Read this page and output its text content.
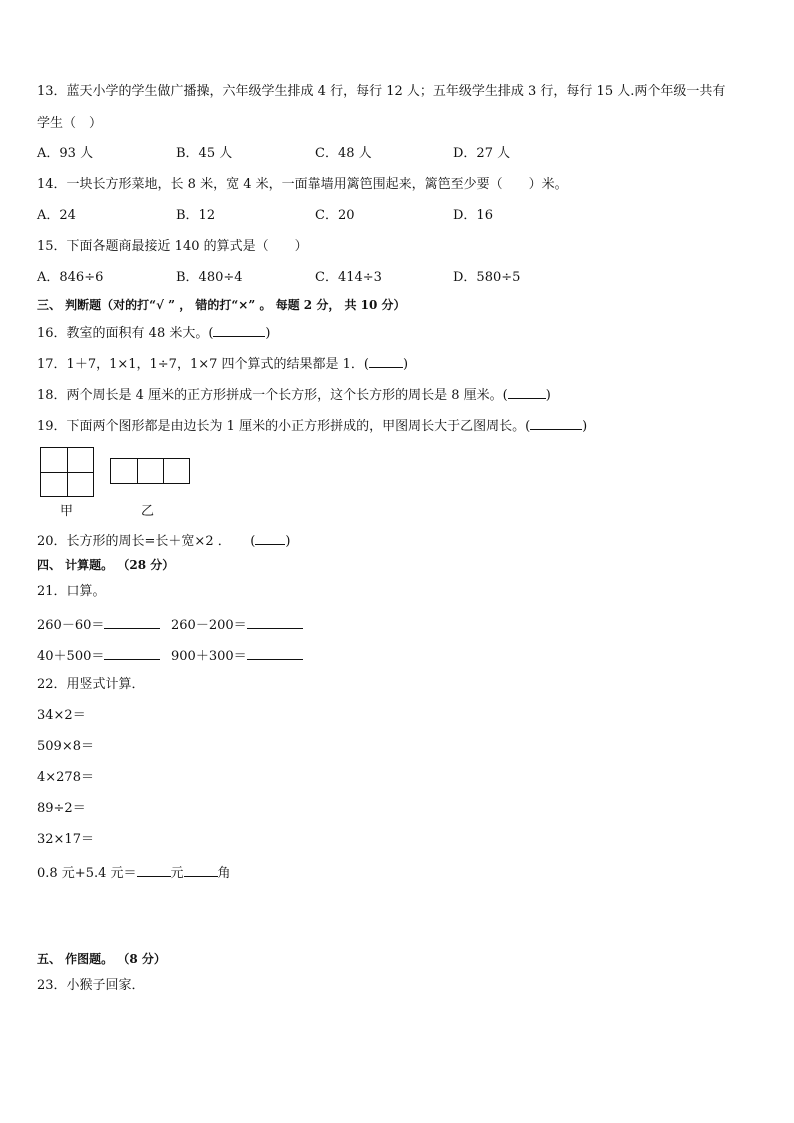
13．蓝天小学的学生做广播操，六年级学生排成 4 行，每行 12 人；五年级学生排成 3 行，每行 15 人.两个年级一共有
学生（　）
A．93 人	B．45 人	C．48 人	D．27 人
14．一块长方形菜地，长 8 米，宽 4 米，一面靠墙用篱笆围起来，篱笆至少要（　　）米。
A．24	B．12	C．20	D．16
15．下面各题商最接近 140 的算式是（　　）
A．846÷6	B．480÷4	C．414÷3	D．580÷5
三、 判断题（对的打“√ ” ， 错的打“×” 。 每题 2 分， 共 10 分）
16．教室的面积有 48 米大。(	)
17．1＋7，1×1，1÷7，1×7 四个算式的结果都是 1．(	)
18．两个周长是 4 厘米的正方形拼成一个长方形，这个长方形的周长是 8 厘米。(	)
19．下面两个图形都是由边长为 1 厘米的小正方形拼成的，甲图周长大于乙图周长。(	)
甲	乙
20．长方形的周长=长＋宽×2 ．　　( )
四、 计算题。 （28 分）
21．口算。
260－60＝	260－200＝
40＋500＝	900＋300＝
22．用竖式计算．
34×2＝
509×8＝
4×278＝
89÷2＝
32×17＝
0.8 元+5.4 元＝	元	角
五、 作图题。 （8 分）
23．小猴子回家．
